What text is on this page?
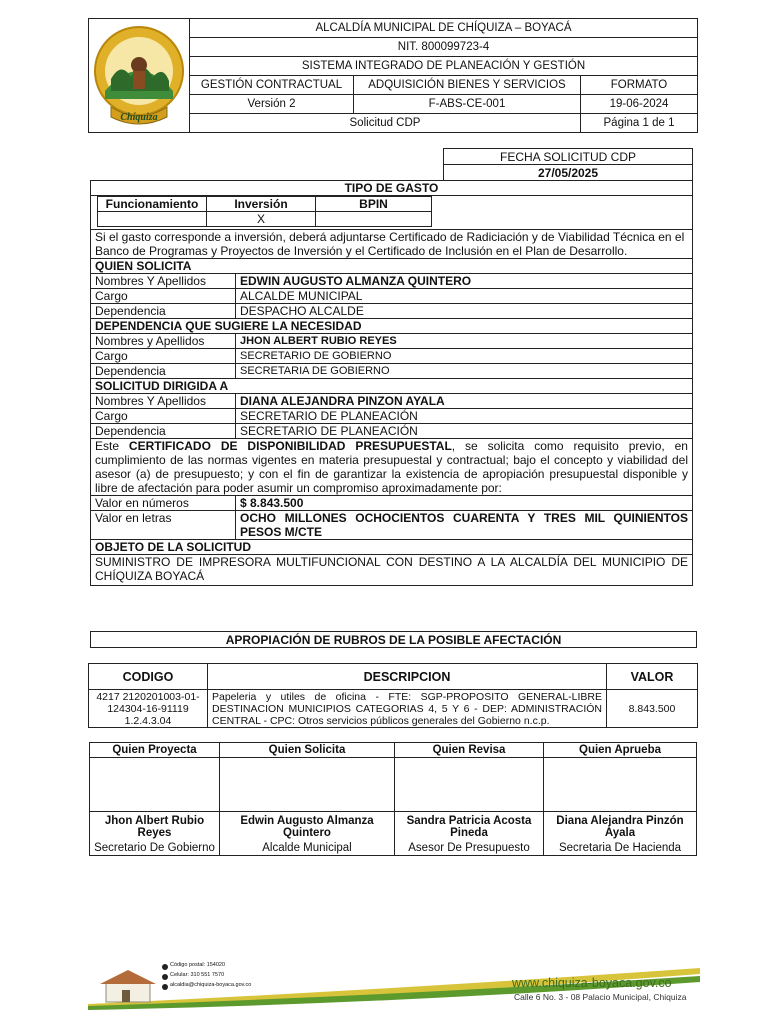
Chíquiza	ALCALDÍA MUNICIPAL DE CHÍQUIZA – BOYACÁ		
	NIT. 800099723-4		
	SISTEMA INTEGRADO DE PLANEACIÓN Y GESTIÓN		
	GESTIÓN CONTRACTUAL	ADQUISICIÓN BIENES Y SERVICIOS	FORMATO
	Versión 2	F-ABS-CE-001	19-06-2024
	Solicitud CDP		Página 1 de 1
FECHA SOLICITUD CDP
27/05/2025
TIPO DE GASTO

Funcionamiento	Inversión	BPIN
	X	

Si el gasto corresponde a inversión, deberá adjuntarse Certificado de Radiciación y de Viabilidad Técnica en el Banco de Programas y Proyectos de Inversión y el Certificado de Inclusión en el Plan de Desarrollo.
QUIEN SOLICITA

Nombres Y Apellidos	EDWIN AUGUSTO ALMANZA QUINTERO
Cargo	ALCALDE MUNICIPAL
Dependencia	DESPACHO ALCALDE

DEPENDENCIA QUE SUGIERE LA NECESIDAD

Nombres y Apellidos	JHON ALBERT RUBIO REYES
Cargo	SECRETARIO DE GOBIERNO
Dependencia	SECRETARIA DE GOBIERNO

SOLICITUD DIRIGIDA A

Nombres Y Apellidos	DIANA ALEJANDRA PINZON AYALA
Cargo	SECRETARIO DE PLANEACIÓN
Dependencia	SECRETARIO DE PLANEACIÓN

Este CERTIFICADO DE DISPONIBILIDAD PRESUPUESTAL, se solicita como requisito previo, en cumplimiento de las normas vigentes en materia presupuestal y contractual; bajo el concepto y viabilidad del asesor (a) de presupuesto; y con el fin de garantizar la existencia de apropiación presupuestal disponible y libre de afectación para poder asumir un compromiso aproximadamente por:

Valor en números	$ 8.843.500
Valor en letras	OCHO MILLONES OCHOCIENTOS CUARENTA Y TRES MIL QUINIENTOS PESOS M/CTE

OBJETO DE LA SOLICITUD
SUMINISTRO DE IMPRESORA MULTIFUNCIONAL CON DESTINO A LA ALCALDÍA DEL MUNICIPIO DE CHÍQUIZA BOYACÁ
APROPIACIÓN DE RUBROS DE LA POSIBLE AFECTACIÓN
CODIGO	DESCRIPCION	VALOR
4217 2120201003-01-124304-16-91119 1.2.4.3.04	Papeleria y utiles de oficina - FTE: SGP-PROPOSITO GENERAL-LIBRE DESTINACION MUNICIPIOS CATEGORIAS 4, 5 Y 6 - DEP: ADMINISTRACIÓN CENTRAL - CPC: Otros servicios públicos generales del Gobierno n.c.p.	8.843.500
Quien Proyecta	Quien Solicita	Quien Revisa	Quien Aprueba

Jhon Albert Rubio Reyes	Edwin Augusto Almanza Quintero	Sandra Patricia Acosta Pineda	Diana Alejandra Pinzón Ayala
Secretario De Gobierno	Alcalde Municipal	Asesor De Presupuesto	Secretaria De Hacienda
Código postal: 154020
Celular: 310 551 7570
alcaldia@chiquiza-boyaca.gov.co	www.chiquiza-boyaca.gov.co
Calle 6 No. 3 - 08 Palacio Municipal, Chiquiza
